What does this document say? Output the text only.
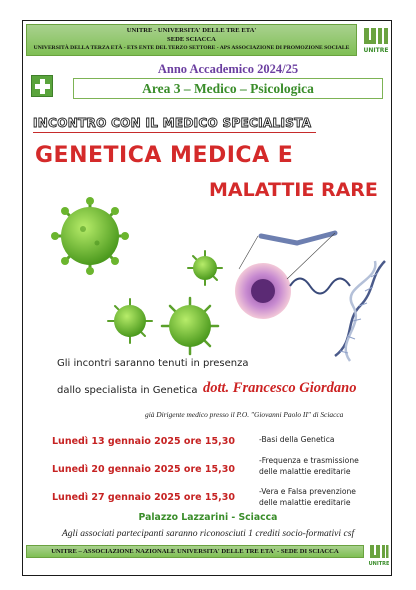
UNITRE - UNIVERSITA' DELLE TRE ETA'
SEDE SCIACCA
UNIVERSITÀ DELLA TERZA ETÀ - ETS ENTE DEL TERZO SETTORE - APS ASSOCIAZIONE DI PROMOZIONE SOCIALE	UNITRE
Anno Accademico 2024/25
Area 3 – Medico – Psicologica
INCONTRO CON IL MEDICO SPECIALISTA
GENETICA MEDICA E
MALATTIE RARE
Gli incontri saranno tenuti in presenza
dallo specialista in Genetica dott. Francesco Giordano
già Dirigente medico presso il P.O. "Giovanni Paolo II" di Sciacca
Lunedì 13 gennaio 2025 ore 15,30	-Basi della Genetica
Lunedì 20 gennaio 2025 ore 15,30
-Frequenza e trasmissione
delle malattie ereditarie
Lunedì 27 gennaio 2025 ore 15,30
-Vera e Falsa prevenzione
delle malattie ereditarie
Palazzo Lazzarini - Sciacca
Agli associati partecipanti saranno riconosciuti 1 crediti socio-formativi csf
UNITRE – ASSOCIAZIONE NAZIONALE UNIVERSITA' DELLE TRE ETA' - SEDE DI SCIACCA
UNITRE
